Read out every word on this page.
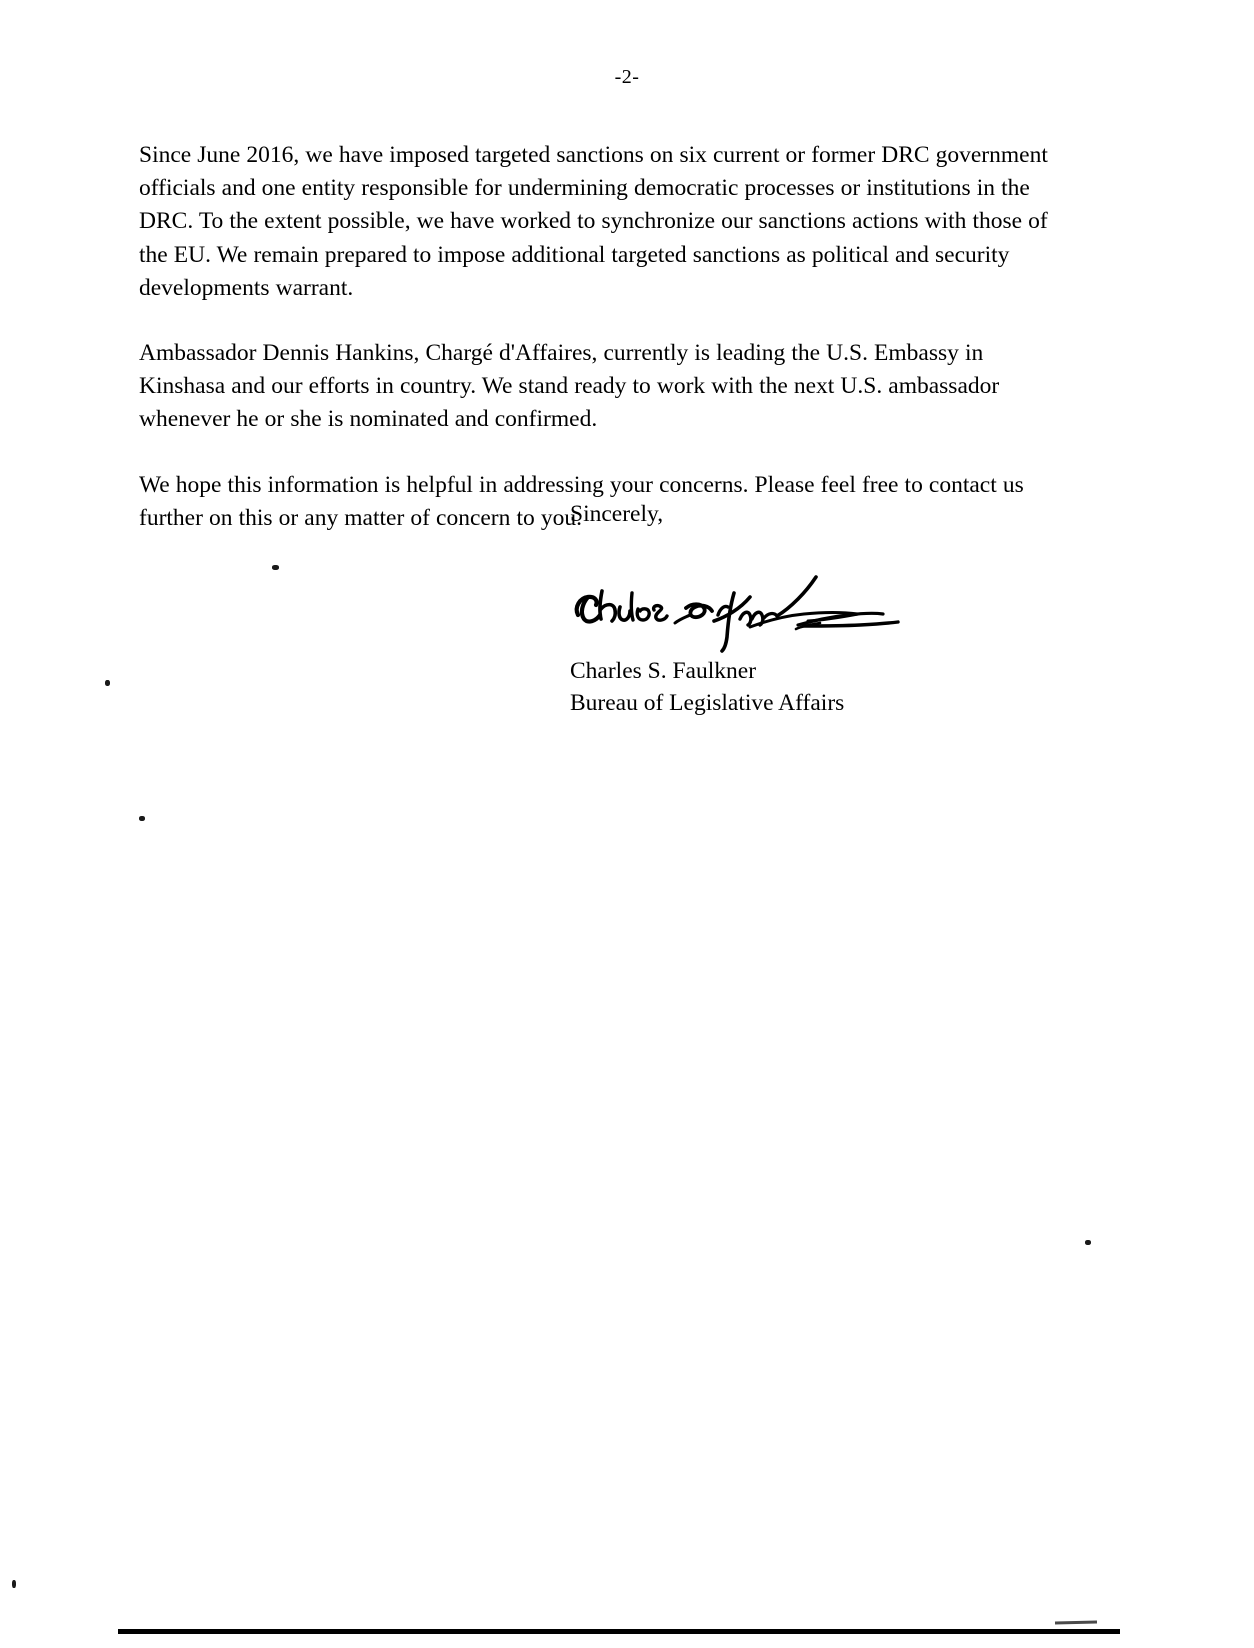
-2-

Since June 2016, we have imposed targeted sanctions on six current or former DRC government officials and one entity responsible for undermining democratic processes or institutions in the DRC. To the extent possible, we have worked to synchronize our sanctions actions with those of the EU. We remain prepared to impose additional targeted sanctions as political and security developments warrant.

Ambassador Dennis Hankins, Chargé d'Affaires, currently is leading the U.S. Embassy in Kinshasa and our efforts in country. We stand ready to work with the next U.S. ambassador whenever he or she is nominated and confirmed.

We hope this information is helpful in addressing your concerns. Please feel free to contact us further on this or any matter of concern to you.

Sincerely,

Charles S. Faulkner

Bureau of Legislative Affairs
